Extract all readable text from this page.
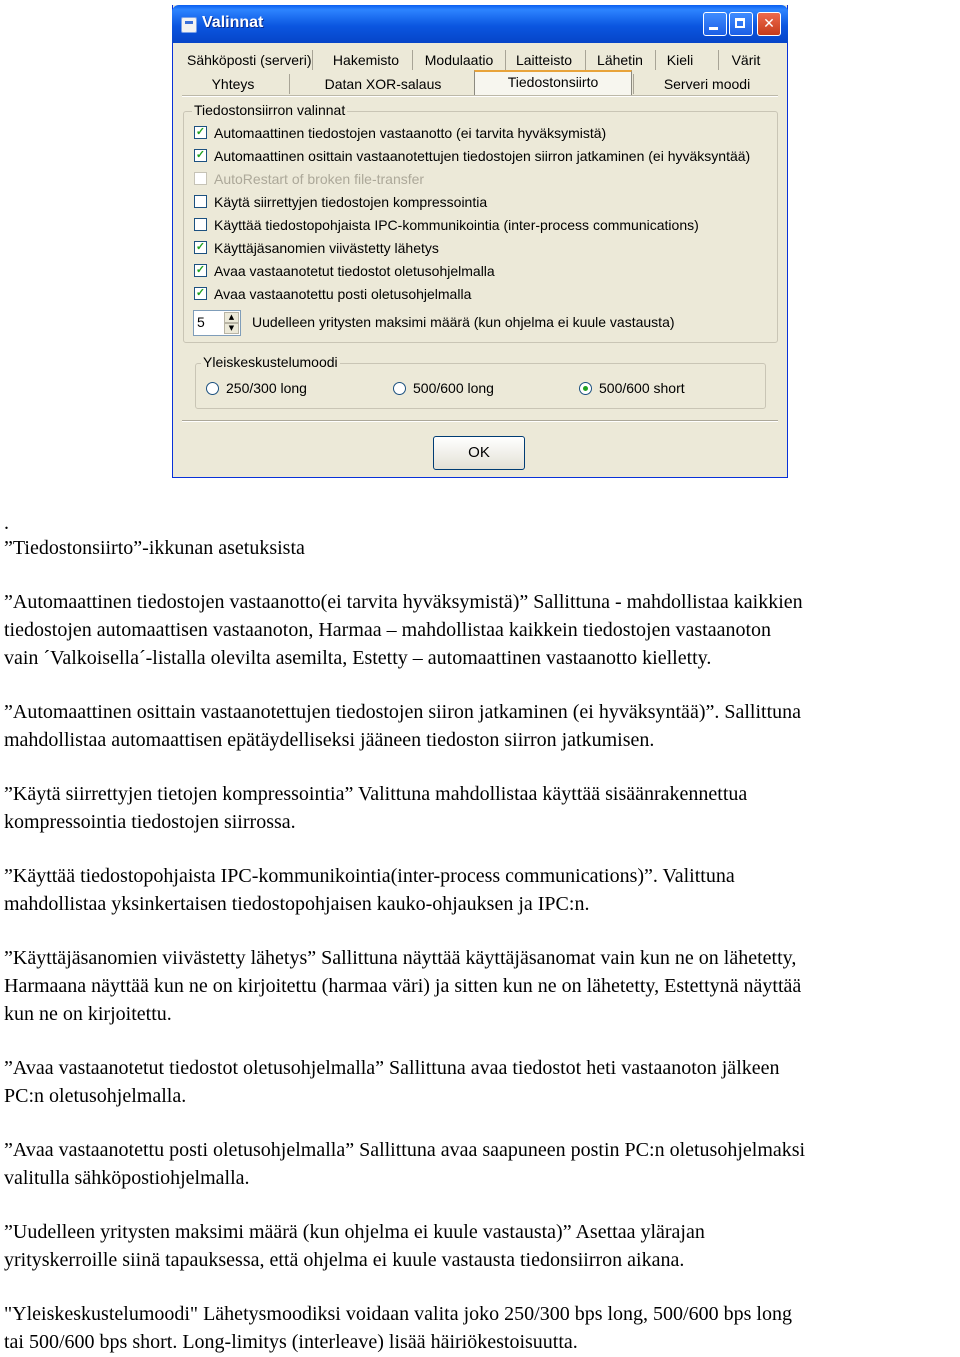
Valinnat	✕
Sähköposti (serveri)	Hakemisto	Modulaatio	Laitteisto	Lähetin	Kieli	Värit
Yhteys	Datan XOR-salaus	Tiedostonsiirto	Serveri moodi
Tiedostonsiirron valinnat
✓ Automaattinen tiedostojen vastaanotto (ei tarvita hyväksymistä)
✓ Automaattinen osittain vastaanotettujen tiedostojen siirron jatkaminen (ei hyväksyntää)
AutoRestart of broken file-transfer
Käytä siirrettyjen tiedostojen kompressointia
Käyttää tiedostopohjaista IPC-kommunikointia (inter-process communications)
✓ Käyttäjäsanomien viivästetty lähetys
✓ Avaa vastaanotetut tiedostot oletusohjelmalla
✓ Avaa vastaanotettu posti oletusohjelmalla
5	▲
▼	Uudelleen yritysten maksimi määrä (kun ohjelma ei kuule vastausta)
Yleiskeskustelumoodi
250/300 long	500/600 long	500/600 short
OK
.
”Tiedostonsiirto”-ikkunan asetuksista
”Automaattinen tiedostojen vastaanotto(ei tarvita hyväksymistä)” Sallittuna - mahdollistaa kaikkien
tiedostojen automaattisen vastaanoton, Harmaa – mahdollistaa kaikkein tiedostojen vastaanoton
vain ´Valkoisella´-listalla olevilta asemilta, Estetty – automaattinen vastaanotto kielletty.
”Automaattinen osittain vastaanotettujen tiedostojen siiron jatkaminen (ei hyväksyntää)”. Sallittuna
mahdollistaa automaattisen epätäydelliseksi jääneen tiedoston siirron jatkumisen.
”Käytä siirrettyjen tietojen kompressointia” Valittuna mahdollistaa käyttää sisäänrakennettua
kompressointia tiedostojen siirrossa.
”Käyttää tiedostopohjaista IPC-kommunikointia(inter-process communications)”. Valittuna
mahdollistaa yksinkertaisen tiedostopohjaisen kauko-ohjauksen ja IPC:n.
”Käyttäjäsanomien viivästetty lähetys” Sallittuna näyttää käyttäjäsanomat vain kun ne on lähetetty,
Harmaana näyttää kun ne on kirjoitettu (harmaa väri) ja sitten kun ne on lähetetty, Estettynä näyttää
kun ne on kirjoitettu.
”Avaa vastaanotetut tiedostot oletusohjelmalla” Sallittuna avaa tiedostot heti vastaanoton jälkeen
PC:n oletusohjelmalla.
”Avaa vastaanotettu posti oletusohjelmalla” Sallittuna avaa saapuneen postin PC:n oletusohjelmaksi
valitulla sähköpostiohjelmalla.
”Uudelleen yritysten maksimi määrä (kun ohjelma ei kuule vastausta)” Asettaa ylärajan
yrityskerroille siinä tapauksessa, että ohjelma ei kuule vastausta tiedonsiirron aikana.
"Yleiskeskustelumoodi" Lähetysmoodiksi voidaan valita joko 250/300 bps long, 500/600 bps long
tai 500/600 bps short. Long-limitys (interleave) lisää häiriökestoisuutta.
